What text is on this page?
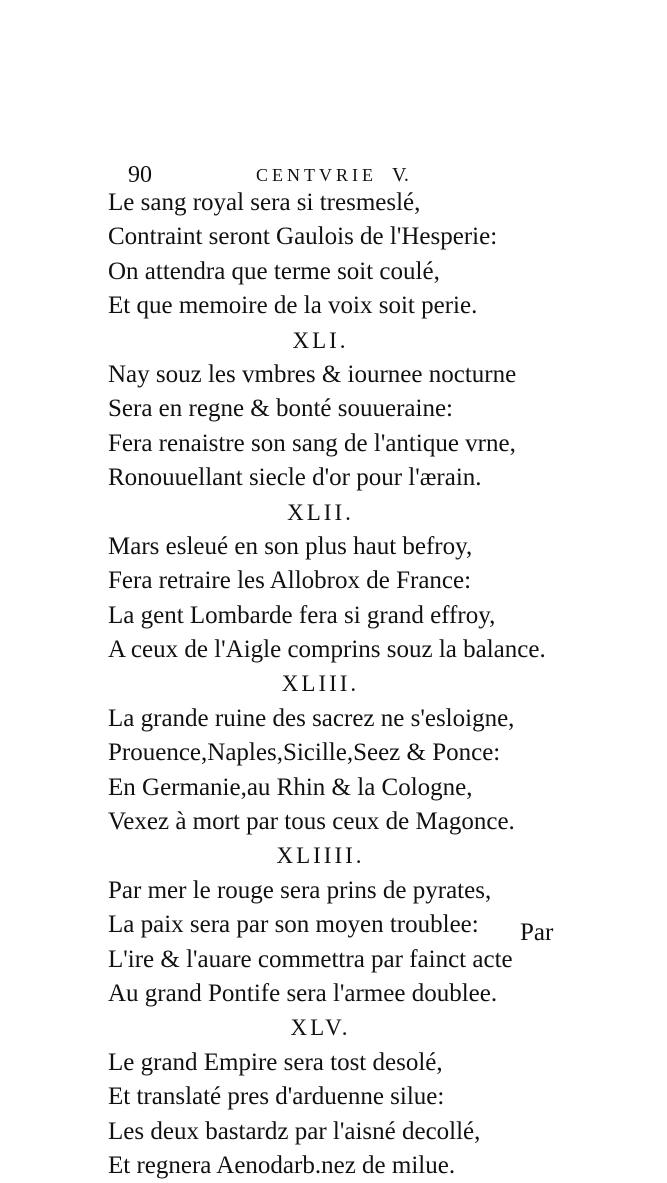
90	CENTVRIE V.
Le sang royal sera si tresmeslé,
Contraint seront Gaulois de l'Hesperie:
On attendra que terme soit coulé,
Et que memoire de la voix soit perie.
XLI.
Nay souz les vmbres & iournee nocturne
Sera en regne & bonté souueraine:
Fera renaistre son sang de l'antique vrne,
Ronouuellant siecle d'or pour l'ærain.
XLII.
Mars esleué en son plus haut befroy,
Fera retraire les Allobrox de France:
La gent Lombarde fera si grand effroy,
A ceux de l'Aigle comprins souz la balance.
XLIII.
La grande ruine des sacrez ne s'esloigne,
Prouence,Naples,Sicille,Seez & Ponce:
En Germanie,au Rhin & la Cologne,
Vexez à mort par tous ceux de Magonce.
XLIIII.
Par mer le rouge sera prins de pyrates,
La paix sera par son moyen troublee:
L'ire & l'auare commettra par fainct acte
Au grand Pontife sera l'armee doublee.
XLV.
Le grand Empire sera tost desolé,
Et translaté pres d'arduenne silue:
Les deux bastardz par l'aisné decollé,
Et regnera Aenodarb.nez de milue.
Par
